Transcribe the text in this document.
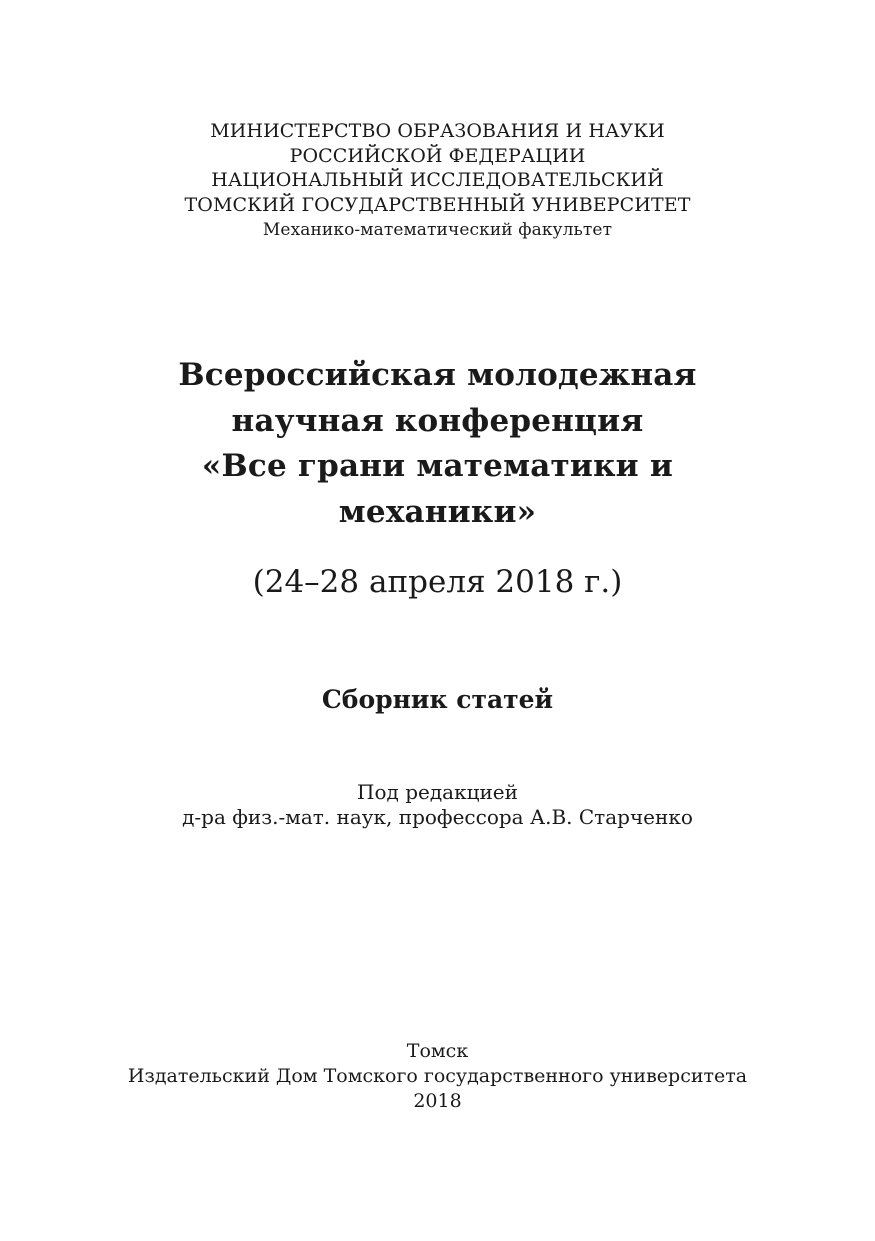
МИНИСТЕРСТВО ОБРАЗОВАНИЯ И НАУКИ
РОССИЙСКОЙ ФЕДЕРАЦИИ
НАЦИОНАЛЬНЫЙ ИССЛЕДОВАТЕЛЬСКИЙ
ТОМСКИЙ ГОСУДАРСТВЕННЫЙ УНИВЕРСИТЕТ
Механико-математический факультет
Всероссийская молодежная
научная конференция
«Все грани математики и
механики»
(24–28 апреля 2018 г.)
Сборник статей
Под редакцией
д-ра физ.-мат. наук, профессора А.В. Старченко
Томск
Издательский Дом Томского государственного университета
2018
